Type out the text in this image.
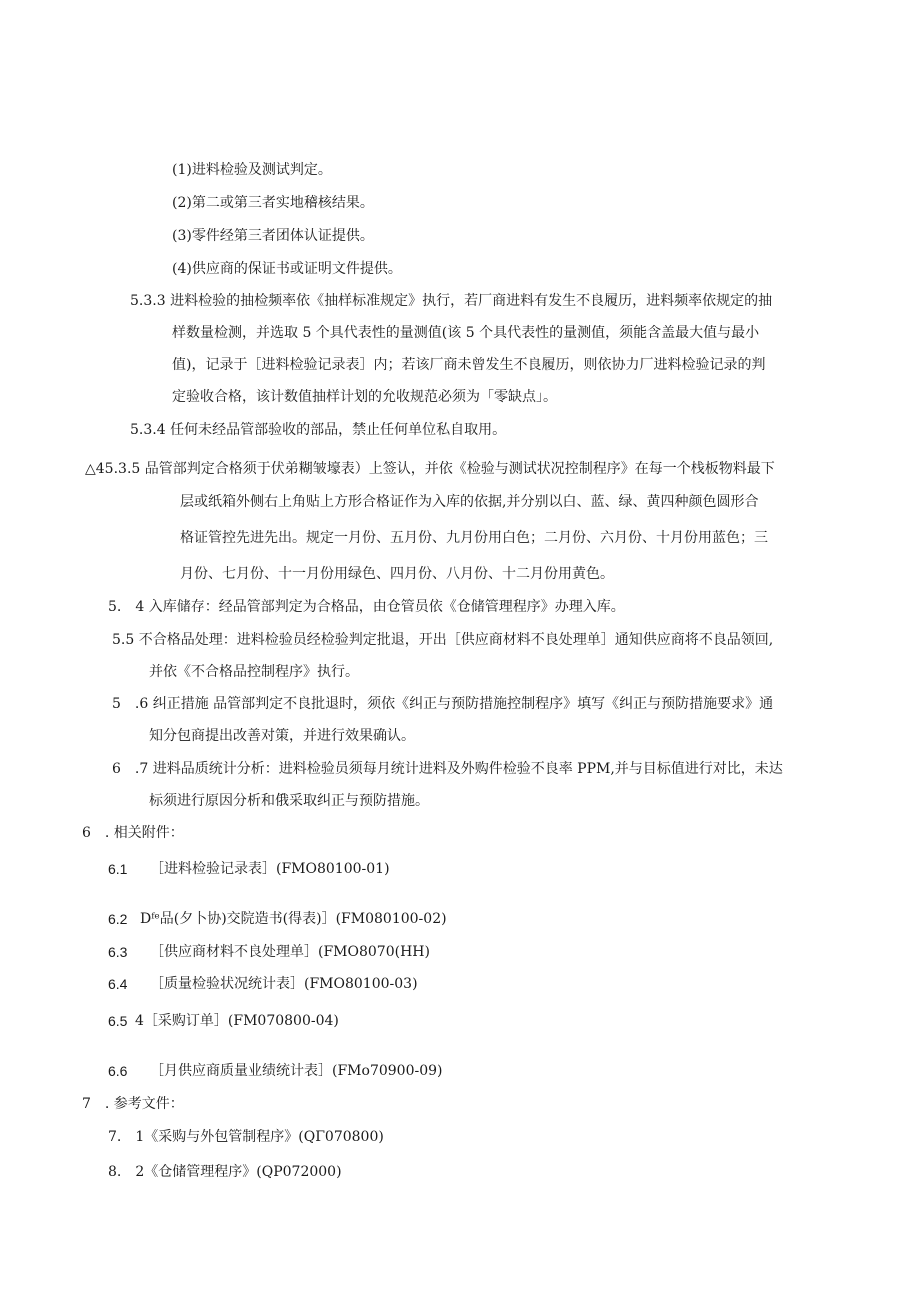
(1)进料检验及测试判定。
(2)第二或第三者实地稽核结果。
(3)零件经第三者团体认证提供。
(4)供应商的保证书或证明文件提供。
5.3.3 进料检验的抽检频率依《抽样标准规定》执行，若厂商进料有发生不良履历，进料频率依规定的抽
样数量检测，并选取 5 个具代表性的量测值(该 5 个具代表性的量测值，须能含盖最大值与最小
值)，记录于［进料检验记录表］内；若该厂商未曾发生不良履历，则依协力厂进料检验记录的判
定验收合格，该计数值抽样计划的允收规范必须为「零缺点」。
5.3.4 任何未经品管部验收的部品，禁止任何单位私自取用。
△45.3.5 品管部判定合格须于伏弟糊皱壕表）上签认，并依《检验与测试状况控制程序》在每一个栈板物料最下
层或纸箱外侧右上角贴上方形合格证作为入库的依据,并分别以白、蓝、绿、黄四种颜色圆形合
格证管控先进先出。规定一月份、五月份、九月份用白色；二月份、六月份、十月份用蓝色；三
月份、七月份、十一月份用绿色、四月份、八月份、十二月份用黄色。
5.　4 入库储存：经品管部判定为合格品，由仓管员依《仓储管理程序》办理入库。
5.5 不合格品处理：进料检验员经检验判定批退，开出［供应商材料不良处理单］通知供应商将不良品领回,
并依《不合格品控制程序》执行。
5　.6 纠正措施 品管部判定不良批退时，须依《纠正与预防措施控制程序》填写《纠正与预防措施要求》通
知分包商提出改善对策，并进行效果确认。
6　.7 进料品质统计分析：进料检验员须每月统计进料及外购件检验不良率 PPM,并与目标值进行对比，未达
标须进行原因分析和俄采取纠正与预防措施。
6　. 相关附件：
6.1 ［进料检验记录表］(FMO80100-01)
6.2 Dᶠᵉ品(夕卜协)交院造书(得表)］(FM080100-02)
6.3 ［供应商材料不良处理单］(FMO8070(HH)
6.4 ［质量检验状况统计表］(FMO80100-03)
6.5 4［采购订单］(FM070800-04)
6.6 ［月供应商质量业绩统计表］(FMo70900-09)
7　. 参考文件：
7.　1《采购与外包管制程序》(QΓ070800)
8.　2《仓储管理程序》(QP072000)
